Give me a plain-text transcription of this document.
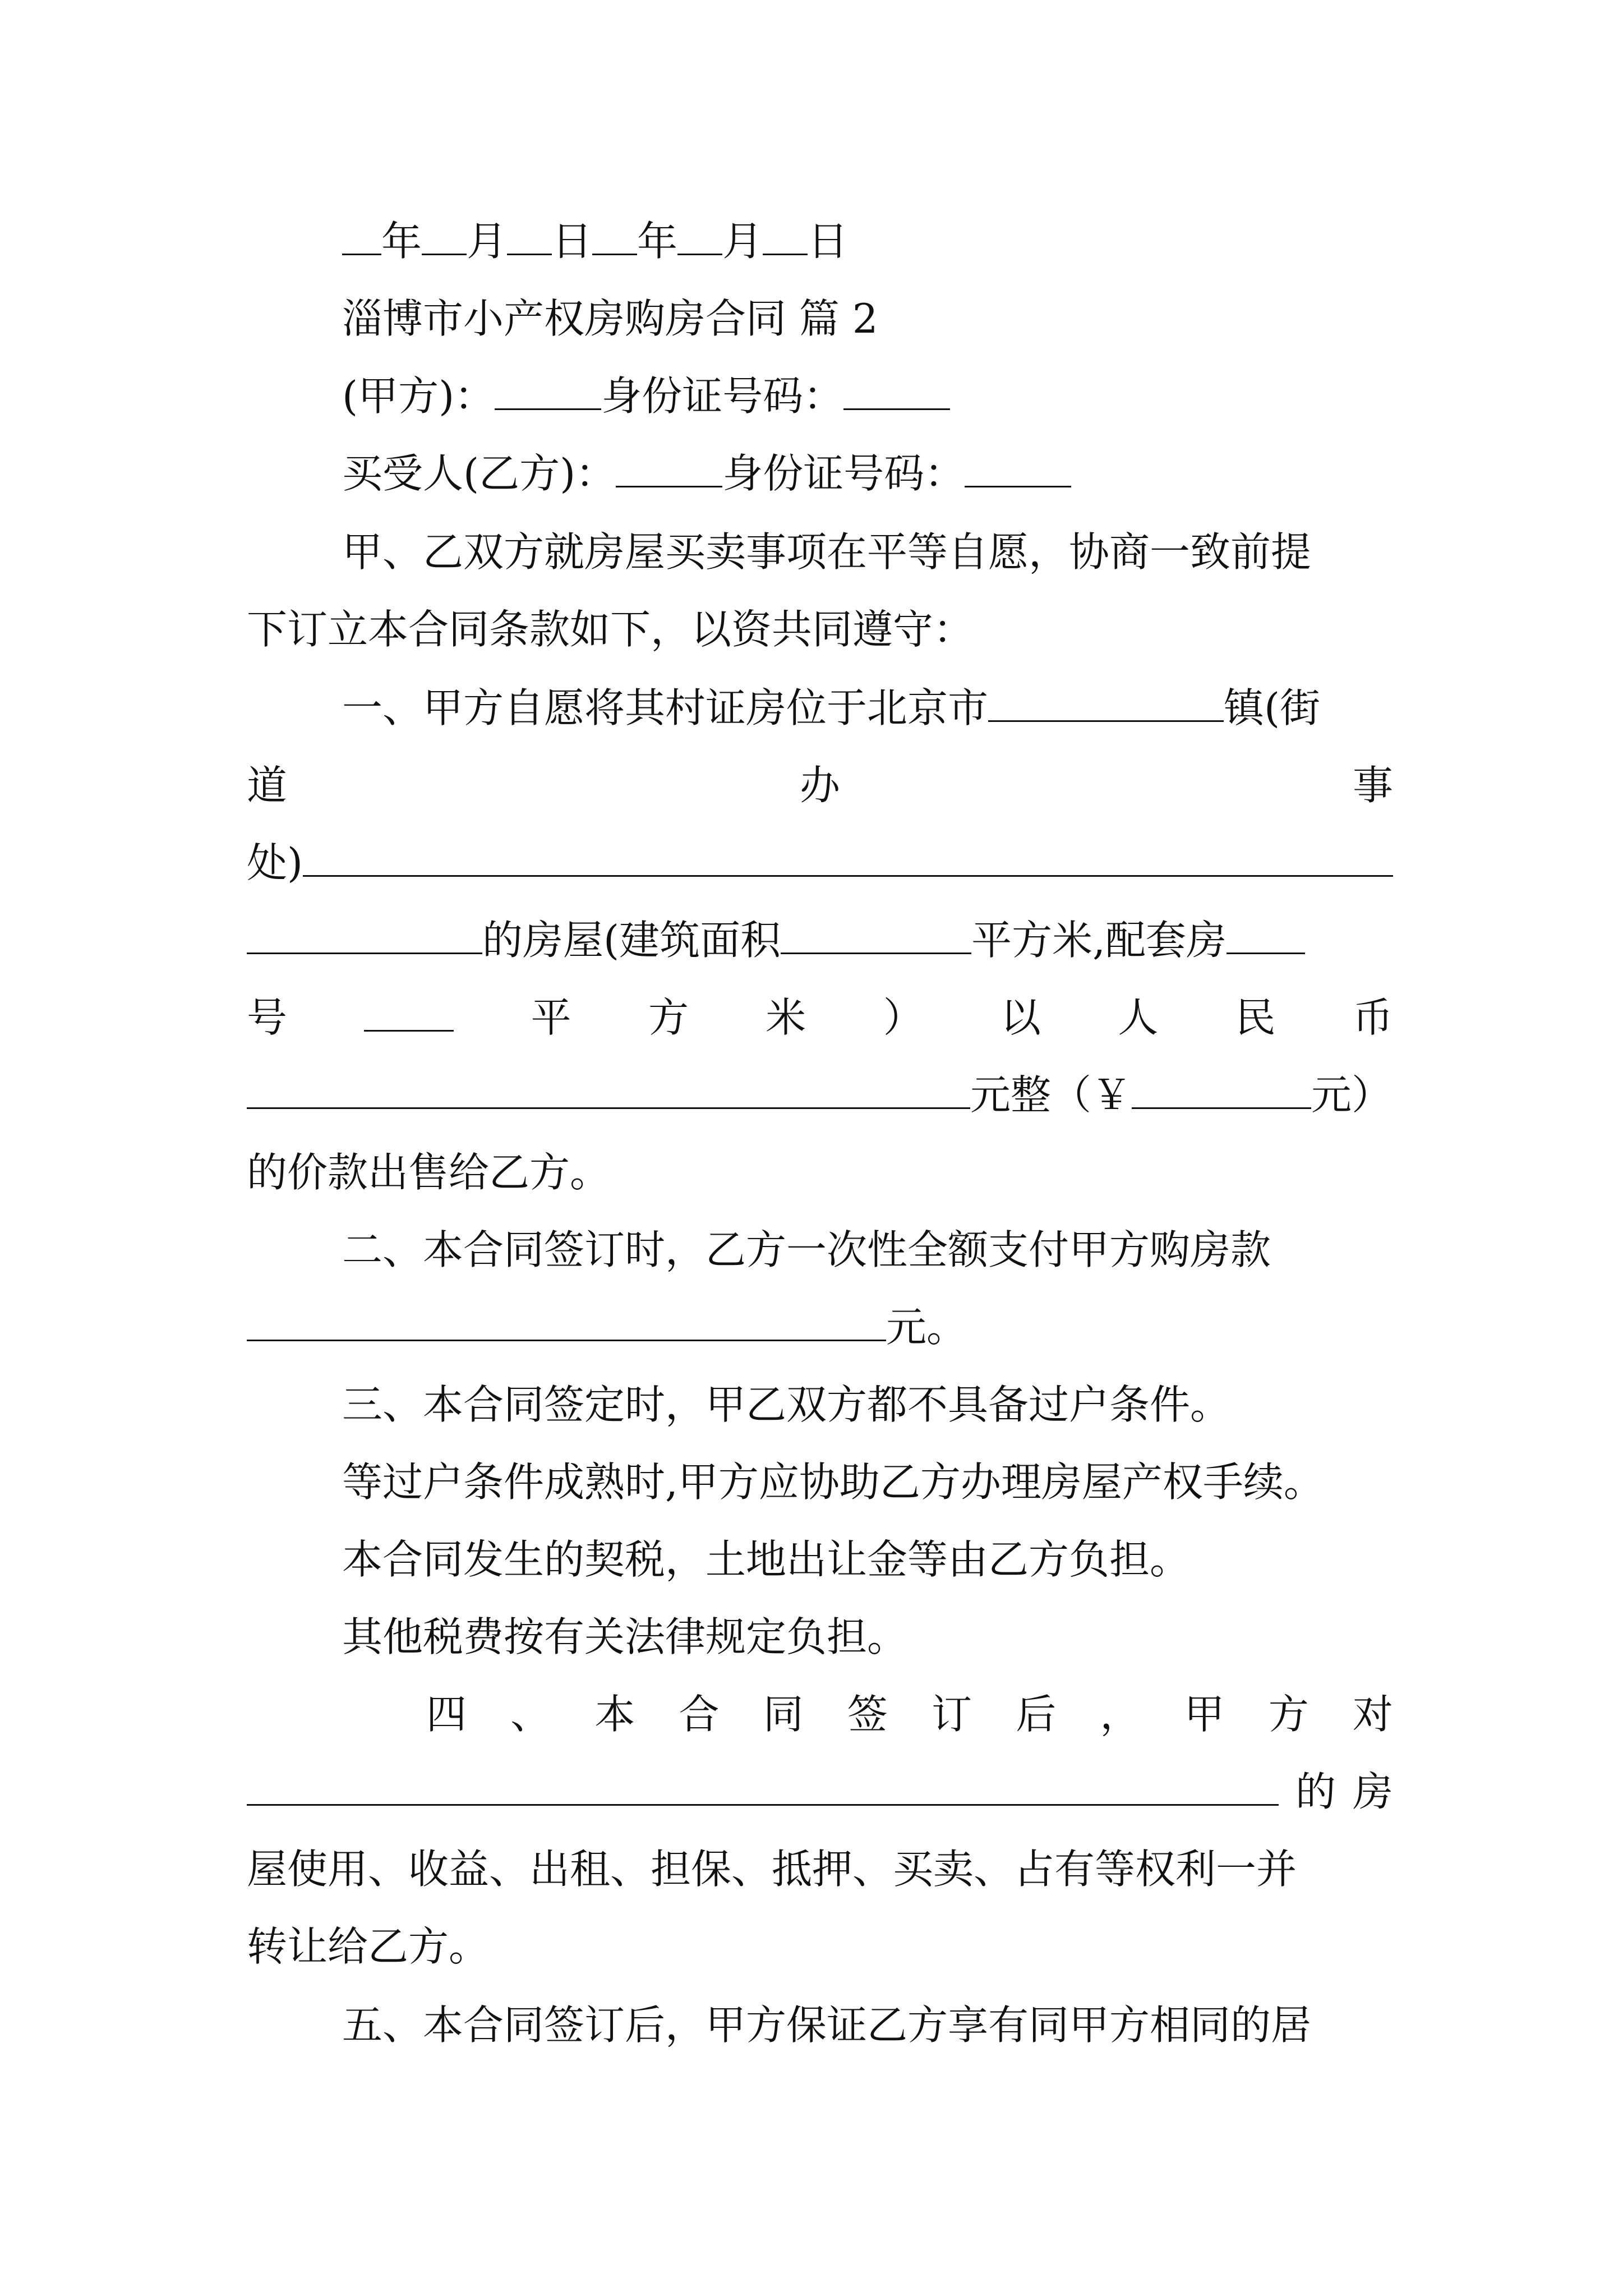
年 月 日 年 月 日
淄博市小产权房购房合同 篇 2
(甲方)：	身份证号码：
买受人(乙方)：	身份证号码：
甲、乙双方就房屋买卖事项在平等自愿，协商一致前提
下订立本合同条款如下，以资共同遵守：
一、甲方自愿将其村证房位于北京市	镇(街
道	办	事
处)
的房屋(建筑面积	平方米,配套房
号	平 方 米 ） 以 人 民 币
元整（￥	元）
的价款出售给乙方。
二、本合同签订时，乙方一次性全额支付甲方购房款
元。
三、本合同签定时，甲乙双方都不具备过户条件。
等过户条件成熟时,甲方应协助乙方办理房屋产权手续。
本合同发生的契税，土地出让金等由乙方负担。
其他税费按有关法律规定负担。
四 、 本 合 同 签 订 后 ， 甲 方 对
的房
屋使用、收益、出租、担保、抵押、买卖、占有等权利一并
转让给乙方。
五、本合同签订后，甲方保证乙方享有同甲方相同的居
